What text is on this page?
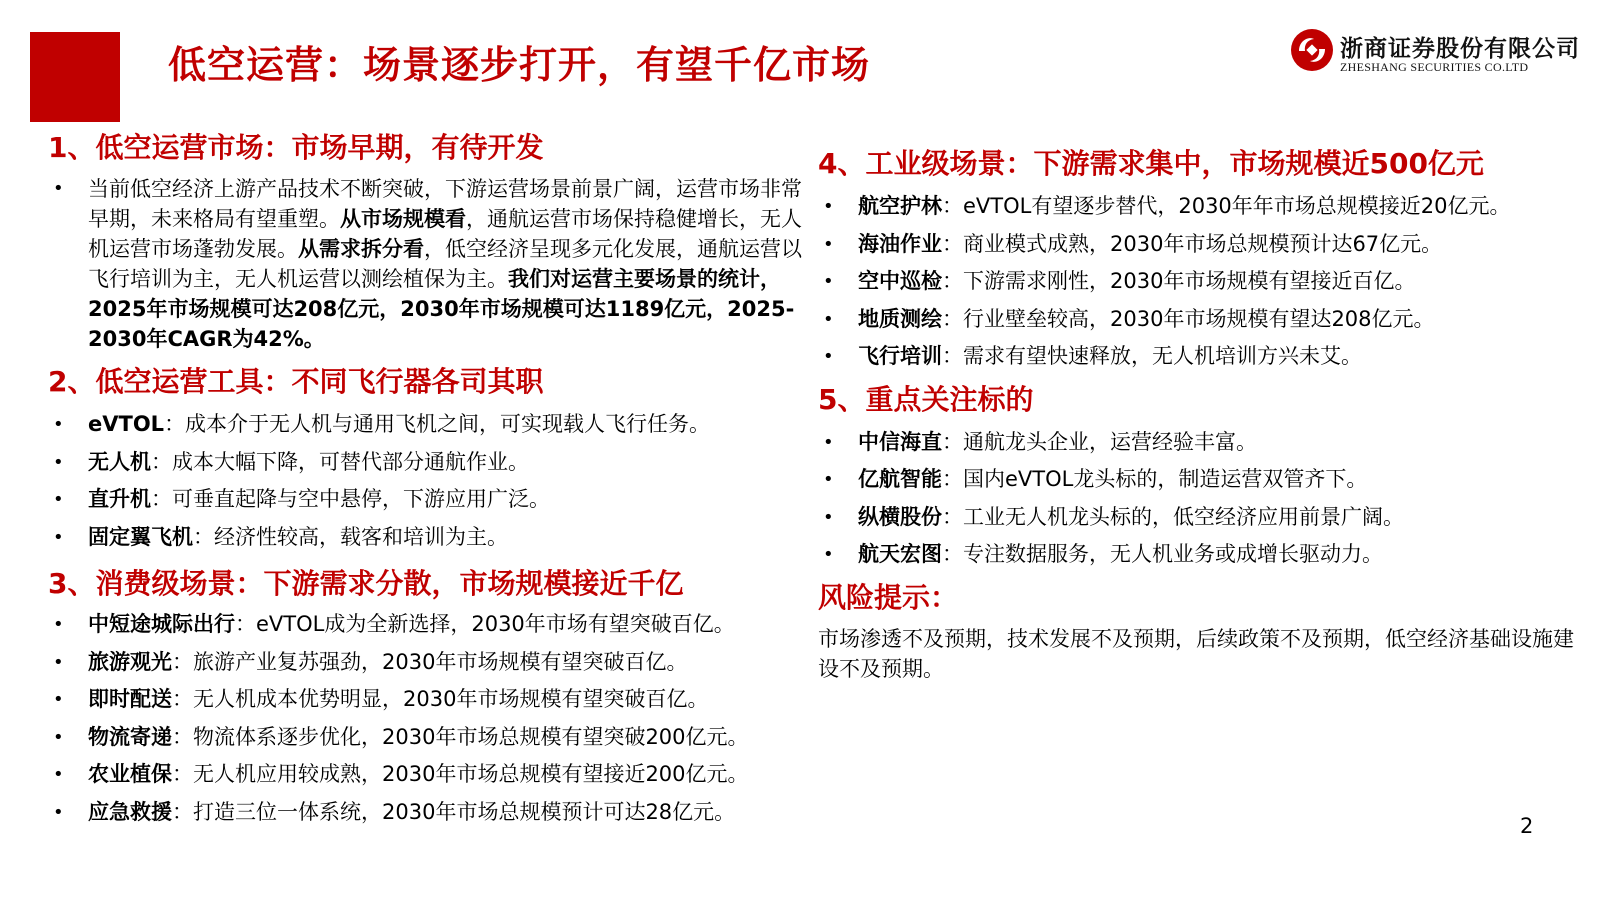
低空运营：场景逐步打开，有望千亿市场	浙商证券股份有限公司
ZHESHANG SECURITIES CO.LTD
1、低空运营市场：市场早期，有待开发

• 当前低空经济上游产品技术不断突破，下游运营场景前景广阔，运营市场非常早期，未来格局有望重塑。从市场规模看，通航运营市场保持稳健增长，无人机运营市场蓬勃发展。从需求拆分看，低空经济呈现多元化发展，通航运营以飞行培训为主，无人机运营以测绘植保为主。我们对运营主要场景的统计，2025年市场规模可达208亿元，2030年市场规模可达1189亿元，2025-2030年CAGR为42%。

2、低空运营工具：不同飞行器各司其职
• eVTOL：成本介于无人机与通用飞机之间，可实现载人飞行任务。
• 无人机：成本大幅下降，可替代部分通航作业。
• 直升机：可垂直起降与空中悬停，下游应用广泛。
• 固定翼飞机：经济性较高，载客和培训为主。
3、消费级场景：下游需求分散，市场规模接近千亿
• 中短途城际出行：eVTOL成为全新选择，2030年市场有望突破百亿。
• 旅游观光：旅游产业复苏强劲，2030年市场规模有望突破百亿。
• 即时配送：无人机成本优势明显，2030年市场规模有望突破百亿。
• 物流寄递：物流体系逐步优化，2030年市场总规模有望突破200亿元。
• 农业植保：无人机应用较成熟，2030年市场总规模有望接近200亿元。
• 应急救援：打造三位一体系统，2030年市场总规模预计可达28亿元。
4、工业级场景：下游需求集中，市场规模近500亿元
• 航空护林：eVTOL有望逐步替代，2030年年市场总规模接近20亿元。
• 海油作业：商业模式成熟，2030年市场总规模预计达67亿元。
• 空中巡检：下游需求刚性，2030年市场规模有望接近百亿。
• 地质测绘：行业壁垒较高，2030年市场规模有望达208亿元。
• 飞行培训：需求有望快速释放，无人机培训方兴未艾。
5、重点关注标的
• 中信海直：通航龙头企业，运营经验丰富。
• 亿航智能：国内eVTOL龙头标的，制造运营双管齐下。
• 纵横股份：工业无人机龙头标的，低空经济应用前景广阔。
• 航天宏图：专注数据服务，无人机业务或成增长驱动力。
风险提示：

市场渗透不及预期，技术发展不及预期，后续政策不及预期，低空经济基础设施建设不及预期。

2
